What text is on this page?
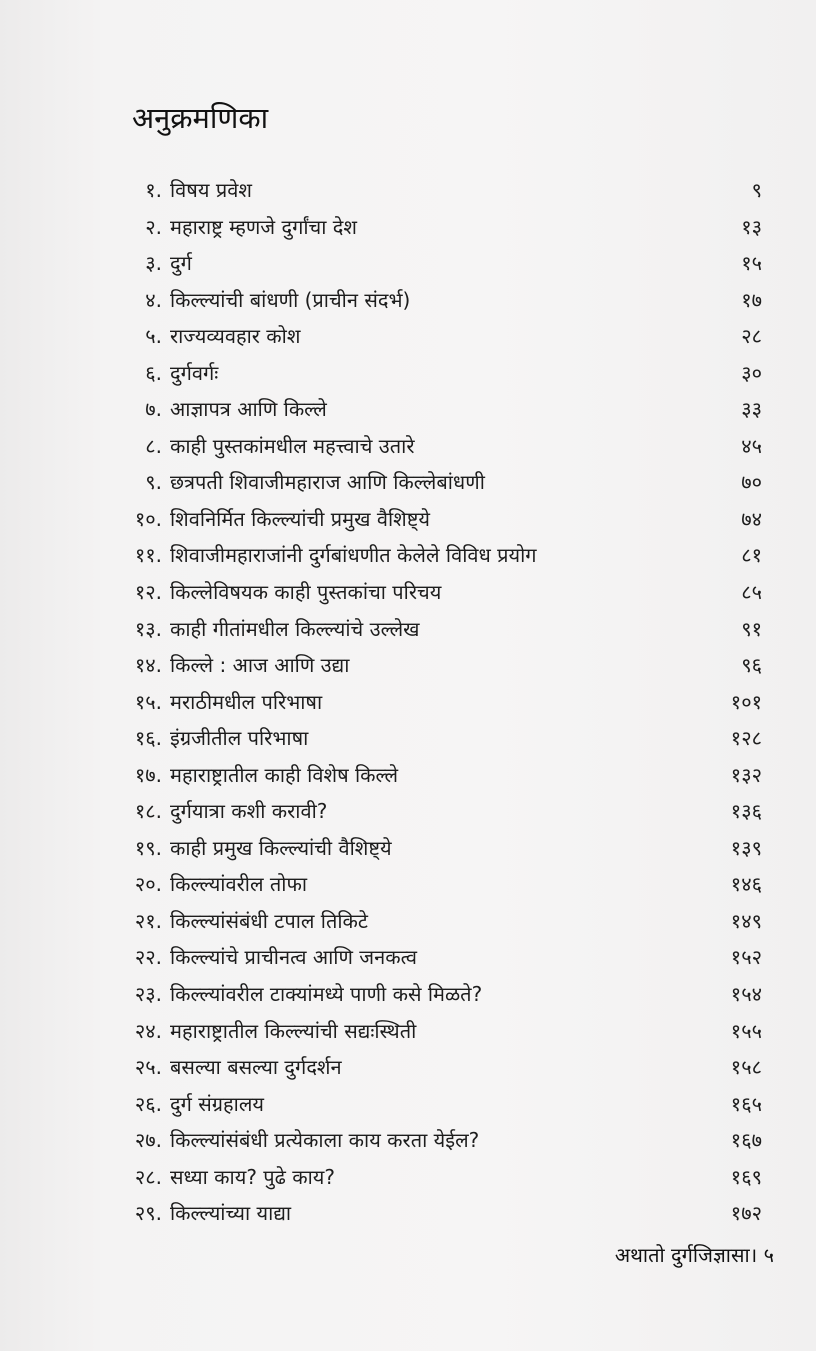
अनुक्रमणिका
१. विषय प्रवेश	९
२. महाराष्ट्र म्हणजे दुर्गांचा देश	१३
३. दुर्ग	१५
४. किल्ल्यांची बांधणी (प्राचीन संदर्भ)	१७
५. राज्यव्यवहार कोश	२८
६. दुर्गवर्गः	३०
७. आज्ञापत्र आणि किल्ले	३३
८. काही पुस्तकांमधील महत्त्वाचे उतारे	४५
९. छत्रपती शिवाजीमहाराज आणि किल्लेबांधणी	७०
१०. शिवनिर्मित किल्ल्यांची प्रमुख वैशिष्ट्ये	७४
११. शिवाजीमहाराजांनी दुर्गबांधणीत केलेले विविध प्रयोग	८१
१२. किल्लेविषयक काही पुस्तकांचा परिचय	८५
१३. काही गीतांमधील किल्ल्यांचे उल्लेख	९१
१४. किल्ले : आज आणि उद्या	९६
१५. मराठीमधील परिभाषा	१०१
१६. इंग्रजीतील परिभाषा	१२८
१७. महाराष्ट्रातील काही विशेष किल्ले	१३२
१८. दुर्गयात्रा कशी करावी?	१३६
१९. काही प्रमुख किल्ल्यांची वैशिष्ट्ये	१३९
२०. किल्ल्यांवरील तोफा	१४६
२१. किल्ल्यांसंबंधी टपाल तिकिटे	१४९
२२. किल्ल्यांचे प्राचीनत्व आणि जनकत्व	१५२
२३. किल्ल्यांवरील टाक्यांमध्ये पाणी कसे मिळते?	१५४
२४. महाराष्ट्रातील किल्ल्यांची सद्यःस्थिती	१५५
२५. बसल्या बसल्या दुर्गदर्शन	१५८
२६. दुर्ग संग्रहालय	१६५
२७. किल्ल्यांसंबंधी प्रत्येकाला काय करता येईल?	१६७
२८. सध्या काय? पुढे काय?	१६९
२९. किल्ल्यांच्या याद्या	१७२
अथातो दुर्गजिज्ञासा। ५
